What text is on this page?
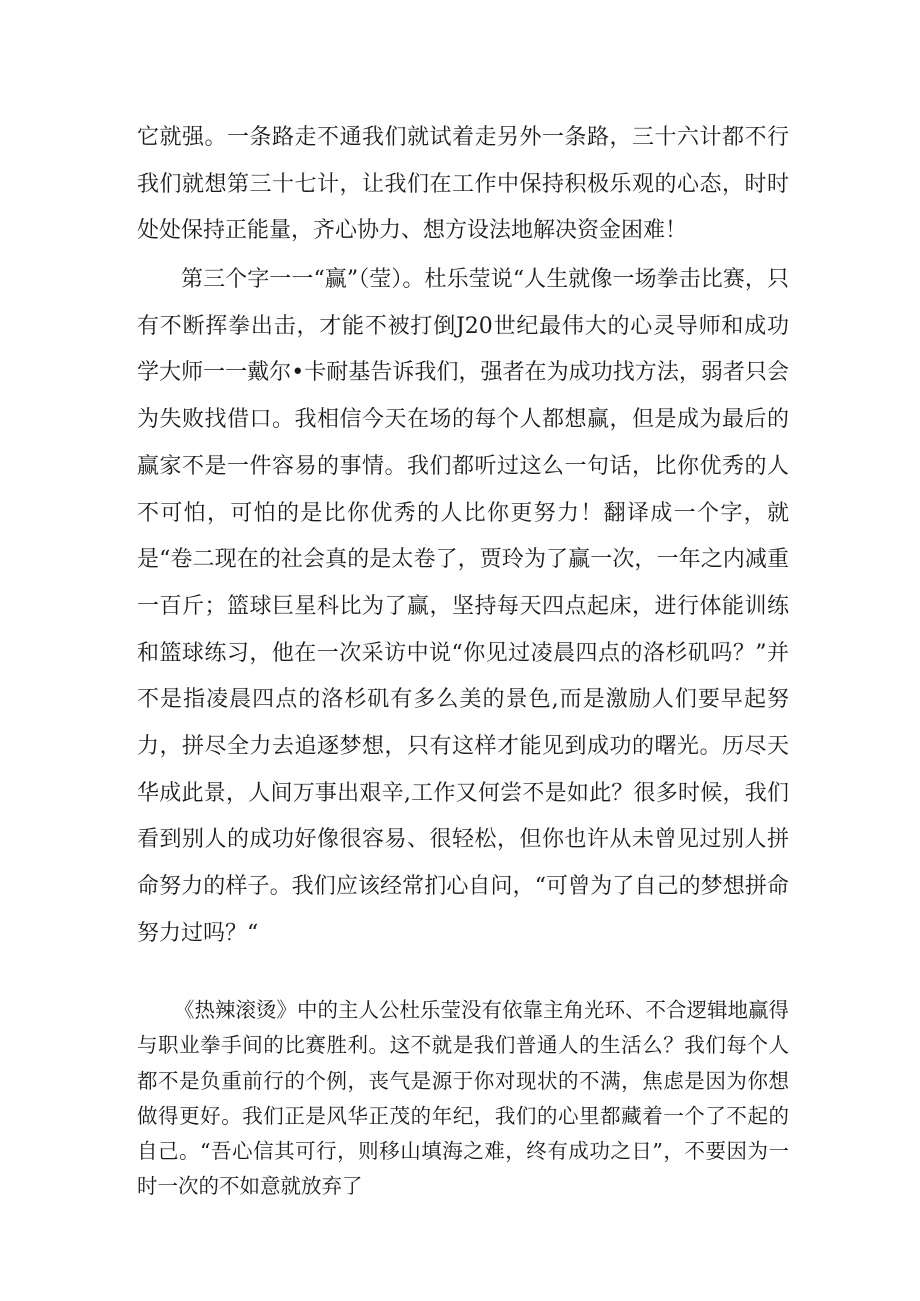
它就强。一条路走不通我们就试着走另外一条路，三十六计都不行我们就想第三十七计，让我们在工作中保持积极乐观的心态，时时处处保持正能量，齐心协力、想方设法地解决资金困难！

第三个字一一“赢”（莹）。杜乐莹说“人生就像一场拳击比赛，只有不断挥拳出击，才能不被打倒J20世纪最伟大的心灵导师和成功学大师一一戴尔•卡耐基告诉我们，强者在为成功找方法，弱者只会为失败找借口。我相信今天在场的每个人都想赢，但是成为最后的赢家不是一件容易的事情。我们都听过这么一句话，比你优秀的人不可怕，可怕的是比你优秀的人比你更努力！翻译成一个字，就是“卷二现在的社会真的是太卷了，贾玲为了赢一次，一年之内减重一百斤；篮球巨星科比为了赢，坚持每天四点起床，进行体能训练和篮球练习，他在一次采访中说“你见过凌晨四点的洛杉矶吗？”并不是指凌晨四点的洛杉矶有多么美的景色,而是激励人们要早起努力，拼尽全力去追逐梦想，只有这样才能见到成功的曙光。历尽天华成此景，人间万事出艰辛,工作又何尝不是如此？很多时候，我们看到别人的成功好像很容易、很轻松，但你也许从未曾见过别人拼命努力的样子。我们应该经常扪心自问，“可曾为了自己的梦想拼命努力过吗？“

《热辣滚烫》中的主人公杜乐莹没有依靠主角光环、不合逻辑地赢得与职业拳手间的比赛胜利。这不就是我们普通人的生活么？我们每个人都不是负重前行的个例，丧气是源于你对现状的不满，焦虑是因为你想做得更好。我们正是风华正茂的年纪，我们的心里都藏着一个了不起的自己。“吾心信其可行，则移山填海之难，终有成功之日”，不要因为一时一次的不如意就放弃了
